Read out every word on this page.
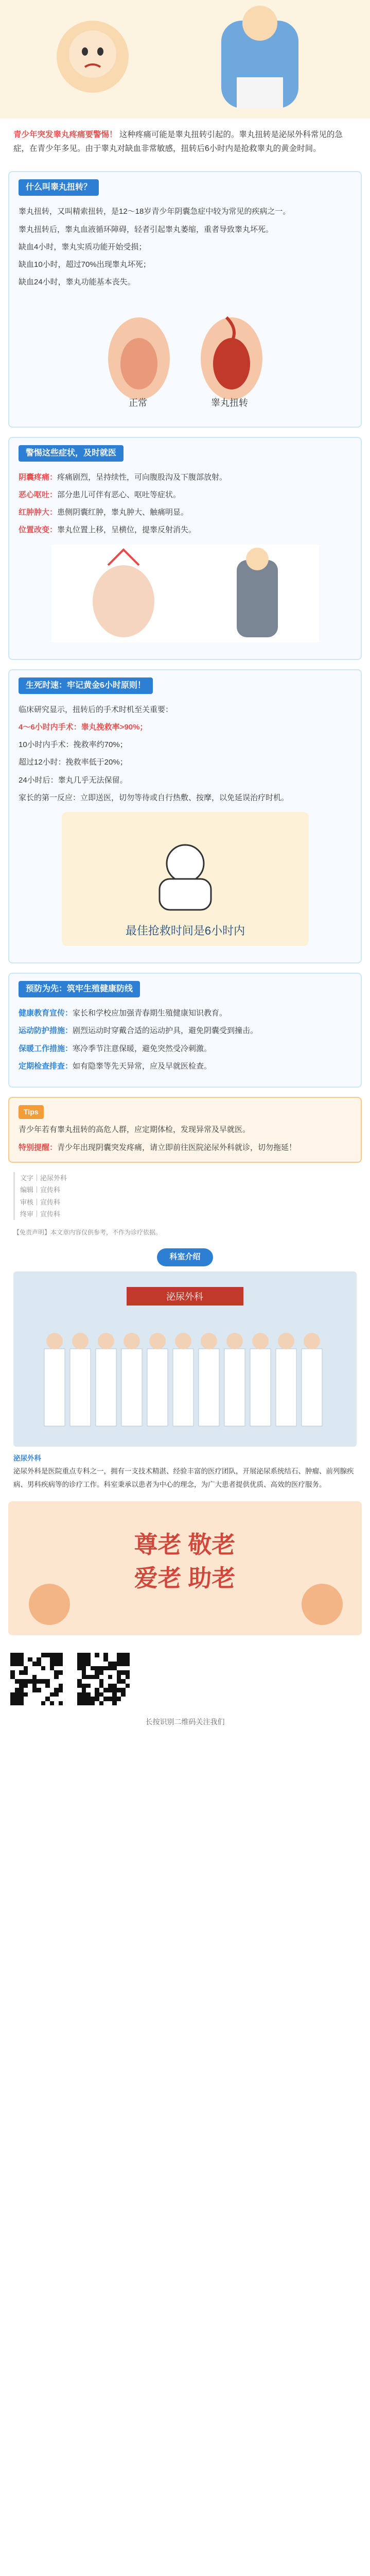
青少年突发睾丸疼痛要警惕！ 这种疼痛可能是睾丸扭转引起的。睾丸扭转是泌尿外科常见的急症，在青少年多见。由于睾丸对缺血非常敏感，扭转后6小时内是抢救睾丸的黄金时间。
什么叫睾丸扭转？

睾丸扭转，又叫精索扭转，是12～18岁青少年阴囊急症中较为常见的疾病之一。

睾丸扭转后，睾丸血液循环障碍，轻者引起睾丸萎缩，重者导致睾丸坏死。

缺血4小时，睾丸实质功能开始受损；

缺血10小时，超过70%出现睾丸坏死；

缺血24小时，睾丸功能基本丧失。

正常	睾丸扭转
警惕这些症状，及时就医

阴囊疼痛：疼痛剧烈，呈持续性，可向腹股沟及下腹部放射。

恶心呕吐：部分患儿可伴有恶心、呕吐等症状。

红肿肿大：患侧阴囊红肿，睾丸肿大、触痛明显。

位置改变：睾丸位置上移，呈横位，提睾反射消失。

生死时速：牢记黄金6小时原则！

临床研究显示，扭转后的手术时机至关重要：

4～6小时内手术：睾丸挽救率>90%；

10小时内手术：挽救率约70%；

超过12小时：挽救率低于20%；

24小时后：睾丸几乎无法保留。

家长的第一反应：立即送医，切勿等待或自行热敷、按摩，以免延误治疗时机。

最佳抢救时间是6小时内
预防为先：筑牢生殖健康防线

健康教育宣传：家长和学校应加强青春期生殖健康知识教育。

运动防护措施：剧烈运动时穿戴合适的运动护具，避免阴囊受到撞击。

保暖工作措施：寒冷季节注意保暖，避免突然受冷刺激。

定期检查排查：如有隐睾等先天异常，应及早就医检查。

Tips

青少年若有睾丸扭转的高危人群，应定期体检，发现异常及早就医。

特别提醒：青少年出现阴囊突发疼痛，请立即前往医院泌尿外科就诊，切勿拖延！

文字｜泌尿外科
编辑｜宣传科
审核｜宣传科
终审｜宣传科
【免责声明】本文章内容仅供参考，不作为诊疗依据。
科室介绍
泌尿外科

泌尿外科

泌尿外科是医院重点专科之一，拥有一支技术精湛、经验丰富的医疗团队，开展泌尿系统结石、肿瘤、前列腺疾病、男科疾病等的诊疗工作。科室秉承以患者为中心的理念，为广大患者提供优质、高效的医疗服务。

尊老 敬老
爱老 助老

长按识别二维码关注我们
